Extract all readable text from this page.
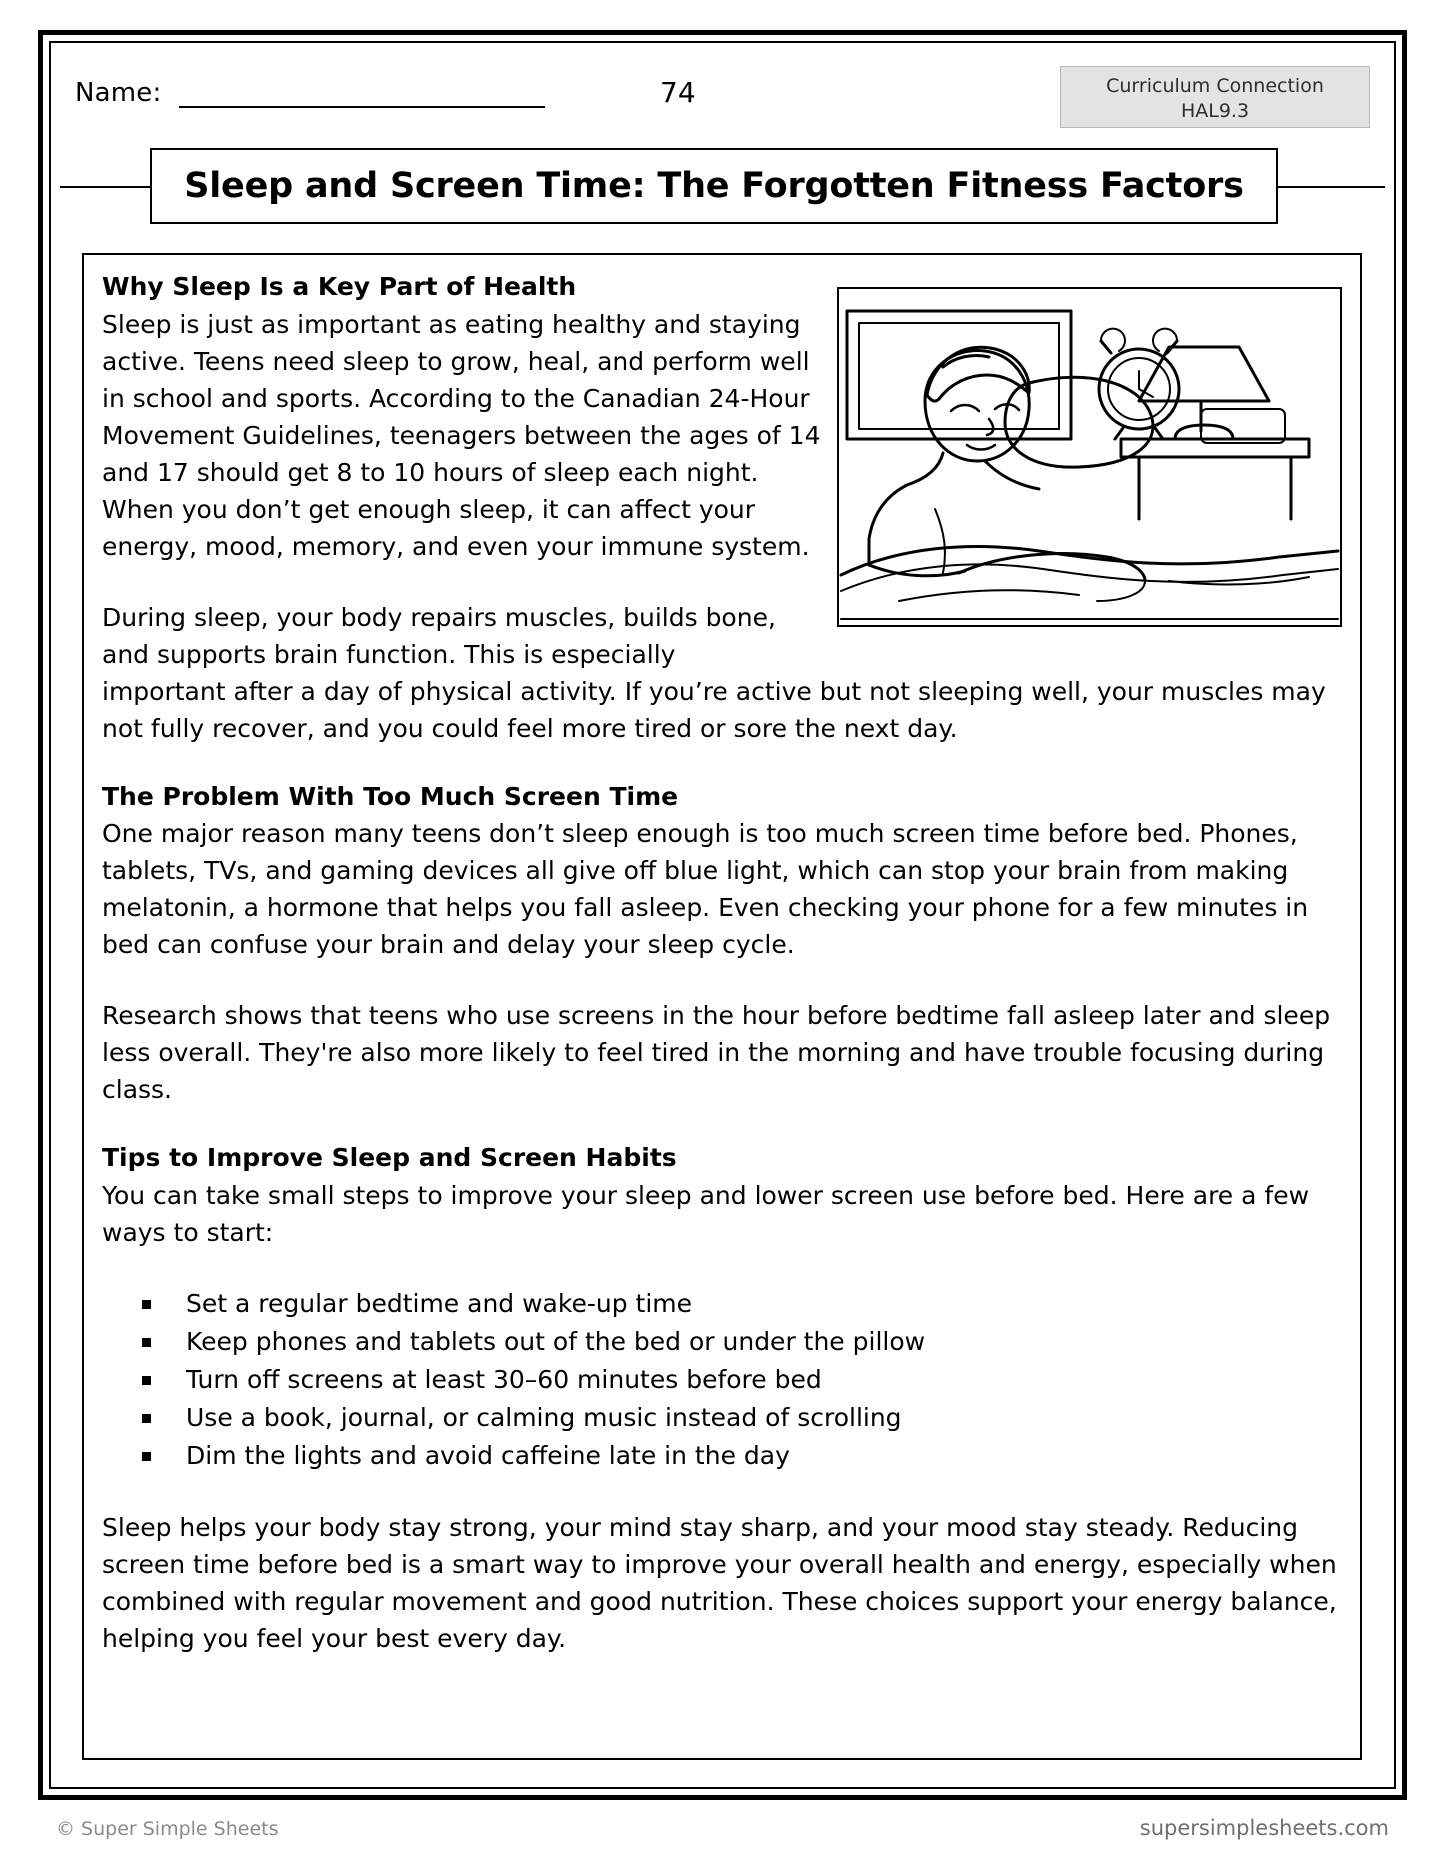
Name:	74	Curriculum Connection
HAL9.3
Sleep and Screen Time: The Forgotten Fitness Factors
Why Sleep Is a Key Part of Health

Sleep is just as important as eating healthy and staying active. Teens need sleep to grow, heal, and perform well in school and sports. According to the Canadian 24-Hour Movement Guidelines, teenagers between the ages of 14 and 17 should get 8 to 10 hours of sleep each night. When you don’t get enough sleep, it can affect your energy, mood, memory, and even your immune system.

During sleep, your body repairs muscles, builds bone, and supports brain function. This is especially

important after a day of physical activity. If you’re active but not sleeping well, your muscles may not fully recover, and you could feel more tired or sore the next day.

The Problem With Too Much Screen Time

One major reason many teens don’t sleep enough is too much screen time before bed. Phones, tablets, TVs, and gaming devices all give off blue light, which can stop your brain from making melatonin, a hormone that helps you fall asleep. Even checking your phone for a few minutes in bed can confuse your brain and delay your sleep cycle.

Research shows that teens who use screens in the hour before bedtime fall asleep later and sleep less overall. They're also more likely to feel tired in the morning and have trouble focusing during class.

Tips to Improve Sleep and Screen Habits

You can take small steps to improve your sleep and lower screen use before bed. Here are a few ways to start:

Set a regular bedtime and wake-up time
Keep phones and tablets out of the bed or under the pillow
Turn off screens at least 30–60 minutes before bed
Use a book, journal, or calming music instead of scrolling
Dim the lights and avoid caffeine late in the day

Sleep helps your body stay strong, your mind stay sharp, and your mood stay steady. Reducing screen time before bed is a smart way to improve your overall health and energy, especially when combined with regular movement and good nutrition. These choices support your energy balance, helping you feel your best every day.

© Super Simple Sheets	supersimplesheets.com
